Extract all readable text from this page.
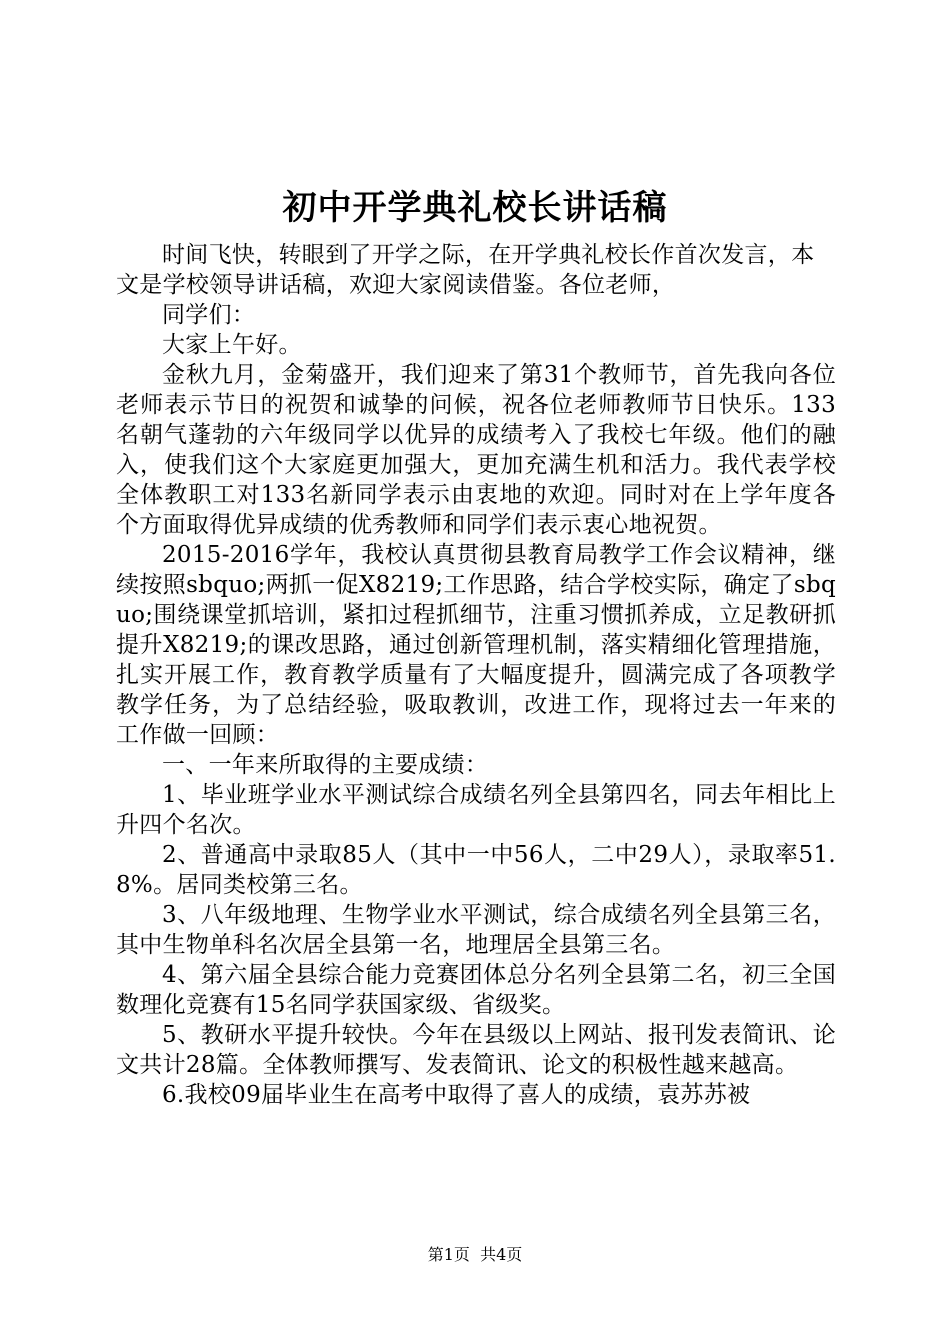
初中开学典礼校长讲话稿

时间飞快，转眼到了开学之际，在开学典礼校长作首次发言，本文是学校领导讲话稿，欢迎大家阅读借鉴。各位老师，

同学们：

大家上午好。

金秋九月，金菊盛开，我们迎来了第31个教师节，首先我向各位老师表示节日的祝贺和诚挚的问候，祝各位老师教师节日快乐。133名朝气蓬勃的六年级同学以优异的成绩考入了我校七年级。他们的融入，使我们这个大家庭更加强大，更加充满生机和活力。我代表学校全体教职工对133名新同学表示由衷地的欢迎。同时对在上学年度各个方面取得优异成绩的优秀教师和同学们表示衷心地祝贺。

2015-2016学年，我校认真贯彻县教育局教学工作会议精神，继续按照sbquo;两抓一促X8219;工作思路，结合学校实际，确定了sbquo;围绕课堂抓培训，紧扣过程抓细节，注重习惯抓养成，立足教研抓提升X8219;的课改思路，通过创新管理机制，落实精细化管理措施，扎实开展工作，教育教学质量有了大幅度提升，圆满完成了各项教学教学任务，为了总结经验，吸取教训，改进工作，现将过去一年来的工作做一回顾：

一、一年来所取得的主要成绩：

1、毕业班学业水平测试综合成绩名列全县第四名，同去年相比上升四个名次。

2、普通高中录取85人（其中一中56人，二中29人），录取率51.8%。居同类校第三名。

3、八年级地理、生物学业水平测试，综合成绩名列全县第三名，其中生物单科名次居全县第一名，地理居全县第三名。

4、第六届全县综合能力竞赛团体总分名列全县第二名，初三全国数理化竞赛有15名同学获国家级、省级奖。

5、教研水平提升较快。今年在县级以上网站、报刊发表简讯、论文共计28篇。全体教师撰写、发表简讯、论文的积极性越来越高。

6.我校09届毕业生在高考中取得了喜人的成绩，袁苏苏被

第1页 共4页
